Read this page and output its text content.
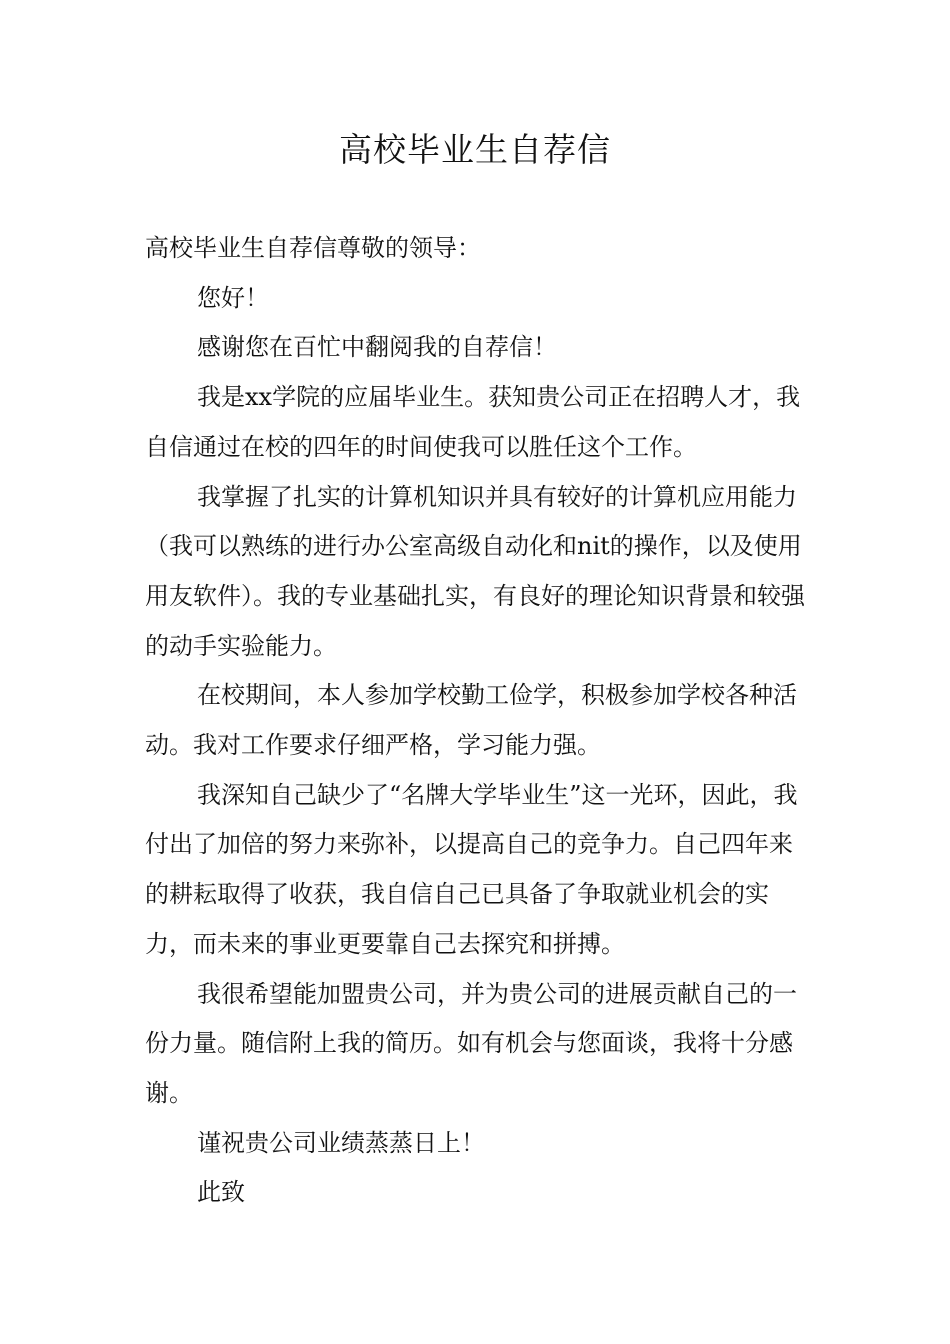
高校毕业生自荐信

高校毕业生自荐信尊敬的领导：

您好！

感谢您在百忙中翻阅我的自荐信！

我是xx学院的应届毕业生。获知贵公司正在招聘人才，我自信通过在校的四年的时间使我可以胜任这个工作。

我掌握了扎实的计算机知识并具有较好的计算机应用能力（我可以熟练的进行办公室高级自动化和nit的操作，以及使用用友软件）。我的专业基础扎实，有良好的理论知识背景和较强的动手实验能力。

在校期间，本人参加学校勤工俭学，积极参加学校各种活动。我对工作要求仔细严格，学习能力强。

我深知自己缺少了“名牌大学毕业生”这一光环，因此，我付出了加倍的努力来弥补，以提高自己的竞争力。自己四年来的耕耘取得了收获，我自信自己已具备了争取就业机会的实力，而未来的事业更要靠自己去探究和拼搏。

我很希望能加盟贵公司，并为贵公司的进展贡献自己的一份力量。随信附上我的简历。如有机会与您面谈，我将十分感谢。

谨祝贵公司业绩蒸蒸日上！

此致
